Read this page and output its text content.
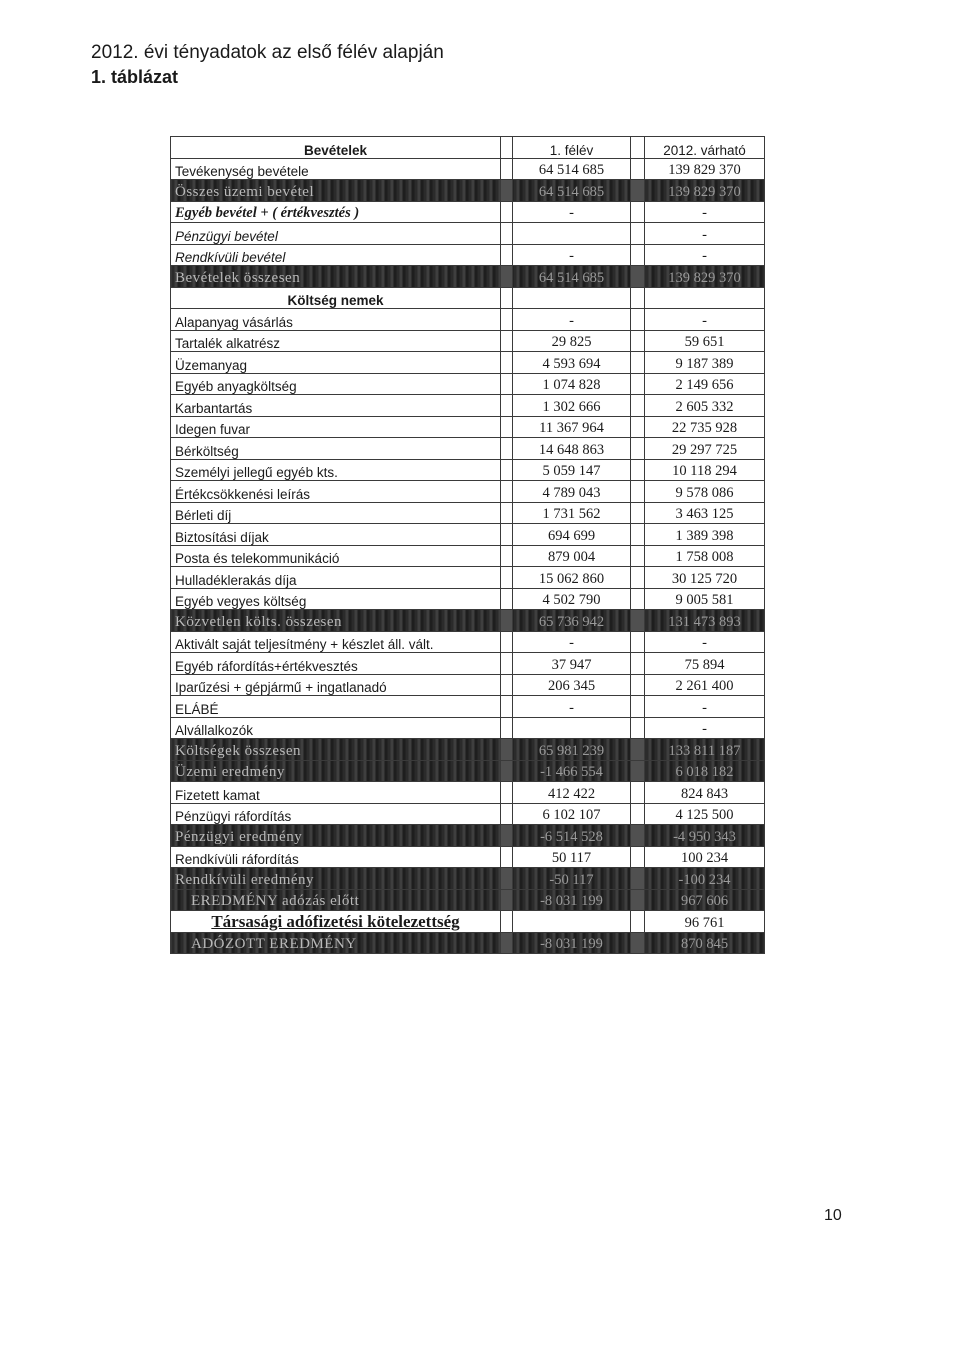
2012. évi tényadatok az első félév alapján
1. táblázat
Bevételek		1. félév		2012. várható
Tevékenység bevétele		64 514 685		139 829 370
Összes üzemi bevétel		64 514 685		139 829 370
Egyéb bevétel + ( értékvesztés )		-		-
Pénzügyi bevétel				-
Rendkívüli bevétel		-		-
Bevételek összesen		64 514 685		139 829 370
Költség nemek				
Alapanyag vásárlás		-		-
Tartalék alkatrész		29 825		59 651
Üzemanyag		4 593 694		9 187 389
Egyéb anyagköltség		1 074 828		2 149 656
Karbantartás		1 302 666		2 605 332
Idegen fuvar		11 367 964		22 735 928
Bérköltség		14 648 863		29 297 725
Személyi jellegű egyéb kts.		5 059 147		10 118 294
Értékcsökkenési leírás		4 789 043		9 578 086
Bérleti díj		1 731 562		3 463 125
Biztosítási díjak		694 699		1 389 398
Posta és telekommunikáció		879 004		1 758 008
Hulladéklerakás díja		15 062 860		30 125 720
Egyéb vegyes költség		4 502 790		9 005 581
Közvetlen költs. összesen		65 736 942		131 473 893
Aktivált saját teljesítmény + készlet áll. vált.		-		-
Egyéb ráfordítás+értékvesztés		37 947		75 894
Iparűzési + gépjármű + ingatlanadó		206 345		2 261 400
ELÁBÉ		-		-
Alvállalkozók				-
Költségek összesen		65 981 239		133 811 187
Üzemi eredmény		-1 466 554		6 018 182
Fizetett kamat		412 422		824 843
Pénzügyi ráfordítás		6 102 107		4 125 500
Pénzügyi eredmény		-6 514 528		-4 950 343
Rendkívüli ráfordítás		50 117		100 234
Rendkívüli eredmény		-50 117		-100 234
EREDMÉNY adózás előtt		-8 031 199		967 606
Társasági adófizetési kötelezettség				96 761
ADÓZOTT EREDMÉNY		-8 031 199		870 845
10
